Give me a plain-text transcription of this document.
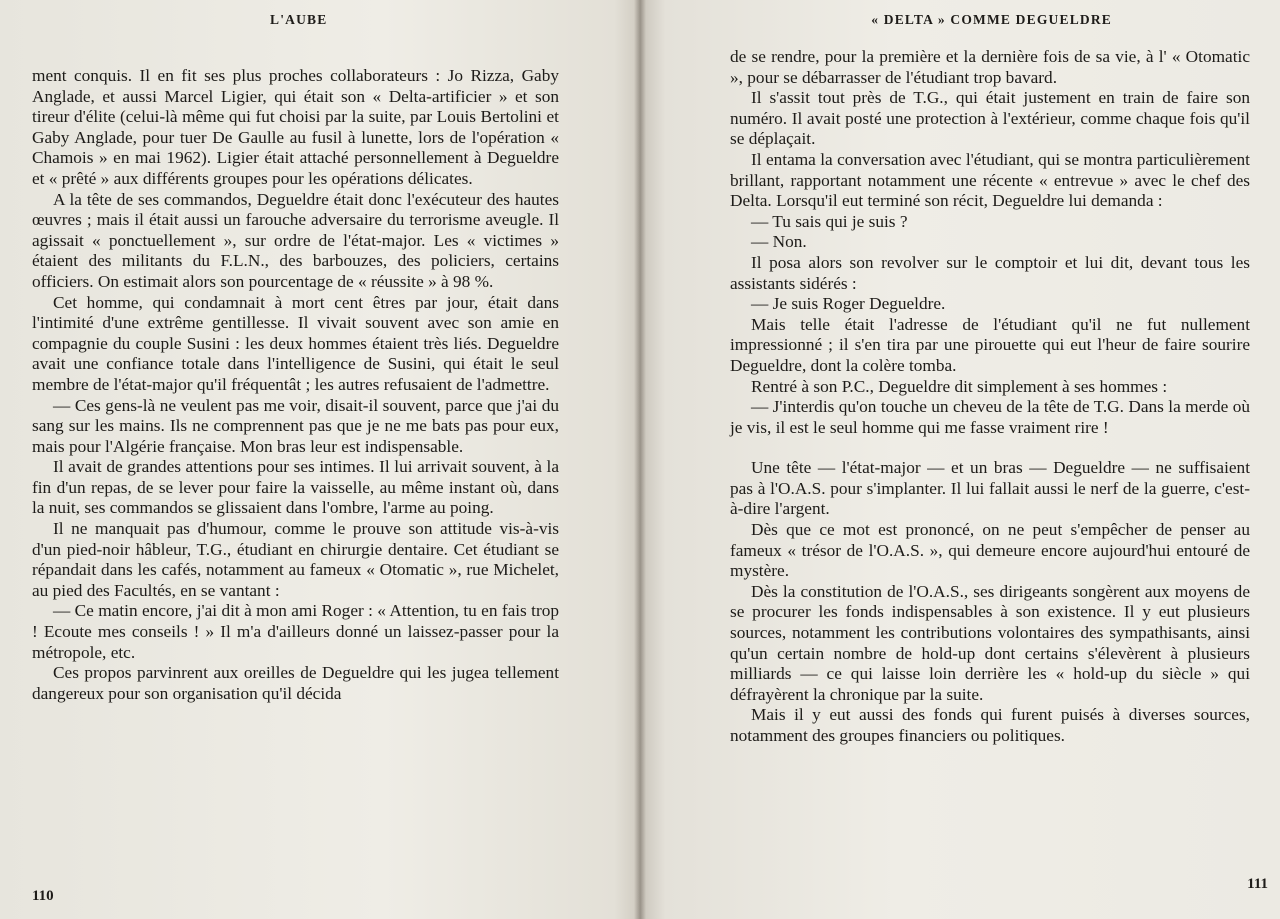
L'AUBE

ment conquis. Il en fit ses plus proches collaborateurs : Jo Rizza, Gaby Anglade, et aussi Marcel Ligier, qui était son « Delta-artificier » et son tireur d'élite (celui-là même qui fut choisi par la suite, par Louis Bertolini et Gaby Anglade, pour tuer De Gaulle au fusil à lunette, lors de l'opération « Chamois » en mai 1962). Ligier était attaché personnellement à Degueldre et « prêté » aux différents groupes pour les opérations délicates.

A la tête de ses commandos, Degueldre était donc l'exécuteur des hautes œuvres ; mais il était aussi un farouche adversaire du terrorisme aveugle. Il agissait « ponctuellement », sur ordre de l'état-major. Les « victimes » étaient des militants du F.L.N., des barbouzes, des policiers, certains officiers. On estimait alors son pourcentage de « réussite » à 98 %.

Cet homme, qui condamnait à mort cent êtres par jour, était dans l'intimité d'une extrême gentillesse. Il vivait souvent avec son amie en compagnie du couple Susini : les deux hommes étaient très liés. Degueldre avait une confiance totale dans l'intelligence de Susini, qui était le seul membre de l'état-major qu'il fréquentât ; les autres refusaient de l'admettre.

— Ces gens-là ne veulent pas me voir, disait-il souvent, parce que j'ai du sang sur les mains. Ils ne comprennent pas que je ne me bats pas pour eux, mais pour l'Algérie française. Mon bras leur est indispensable.

Il avait de grandes attentions pour ses intimes. Il lui arrivait souvent, à la fin d'un repas, de se lever pour faire la vaisselle, au même instant où, dans la nuit, ses commandos se glissaient dans l'ombre, l'arme au poing.

Il ne manquait pas d'humour, comme le prouve son attitude vis-à-vis d'un pied-noir hâbleur, T.G., étudiant en chirurgie dentaire. Cet étudiant se répandait dans les cafés, notamment au fameux « Otomatic », rue Michelet, au pied des Facultés, en se vantant :

— Ce matin encore, j'ai dit à mon ami Roger : « Attention, tu en fais trop ! Ecoute mes conseils ! » Il m'a d'ailleurs donné un laissez-passer pour la métropole, etc.

Ces propos parvinrent aux oreilles de Degueldre qui les jugea tellement dangereux pour son organisation qu'il décida

110
« DELTA » COMME DEGUELDRE

de se rendre, pour la première et la dernière fois de sa vie, à l' « Otomatic », pour se débarrasser de l'étudiant trop bavard.

Il s'assit tout près de T.G., qui était justement en train de faire son numéro. Il avait posté une protection à l'extérieur, comme chaque fois qu'il se déplaçait.

Il entama la conversation avec l'étudiant, qui se montra particulièrement brillant, rapportant notamment une récente « entrevue » avec le chef des Delta. Lorsqu'il eut terminé son récit, Degueldre lui demanda :

— Tu sais qui je suis ?

— Non.

Il posa alors son revolver sur le comptoir et lui dit, devant tous les assistants sidérés :

— Je suis Roger Degueldre.

Mais telle était l'adresse de l'étudiant qu'il ne fut nullement impressionné ; il s'en tira par une pirouette qui eut l'heur de faire sourire Degueldre, dont la colère tomba.

Rentré à son P.C., Degueldre dit simplement à ses hommes :

— J'interdis qu'on touche un cheveu de la tête de T.G. Dans la merde où je vis, il est le seul homme qui me fasse vraiment rire !

Une tête — l'état-major — et un bras — Degueldre — ne suffisaient pas à l'O.A.S. pour s'implanter. Il lui fallait aussi le nerf de la guerre, c'est-à-dire l'argent.

Dès que ce mot est prononcé, on ne peut s'empêcher de penser au fameux « trésor de l'O.A.S. », qui demeure encore aujourd'hui entouré de mystère.

Dès la constitution de l'O.A.S., ses dirigeants songèrent aux moyens de se procurer les fonds indispensables à son existence. Il y eut plusieurs sources, notamment les contributions volontaires des sympathisants, ainsi qu'un certain nombre de hold-up dont certains s'élevèrent à plusieurs milliards — ce qui laisse loin derrière les « hold-up du siècle » qui défrayèrent la chronique par la suite.

Mais il y eut aussi des fonds qui furent puisés à diverses sources, notamment des groupes financiers ou politiques.

111
